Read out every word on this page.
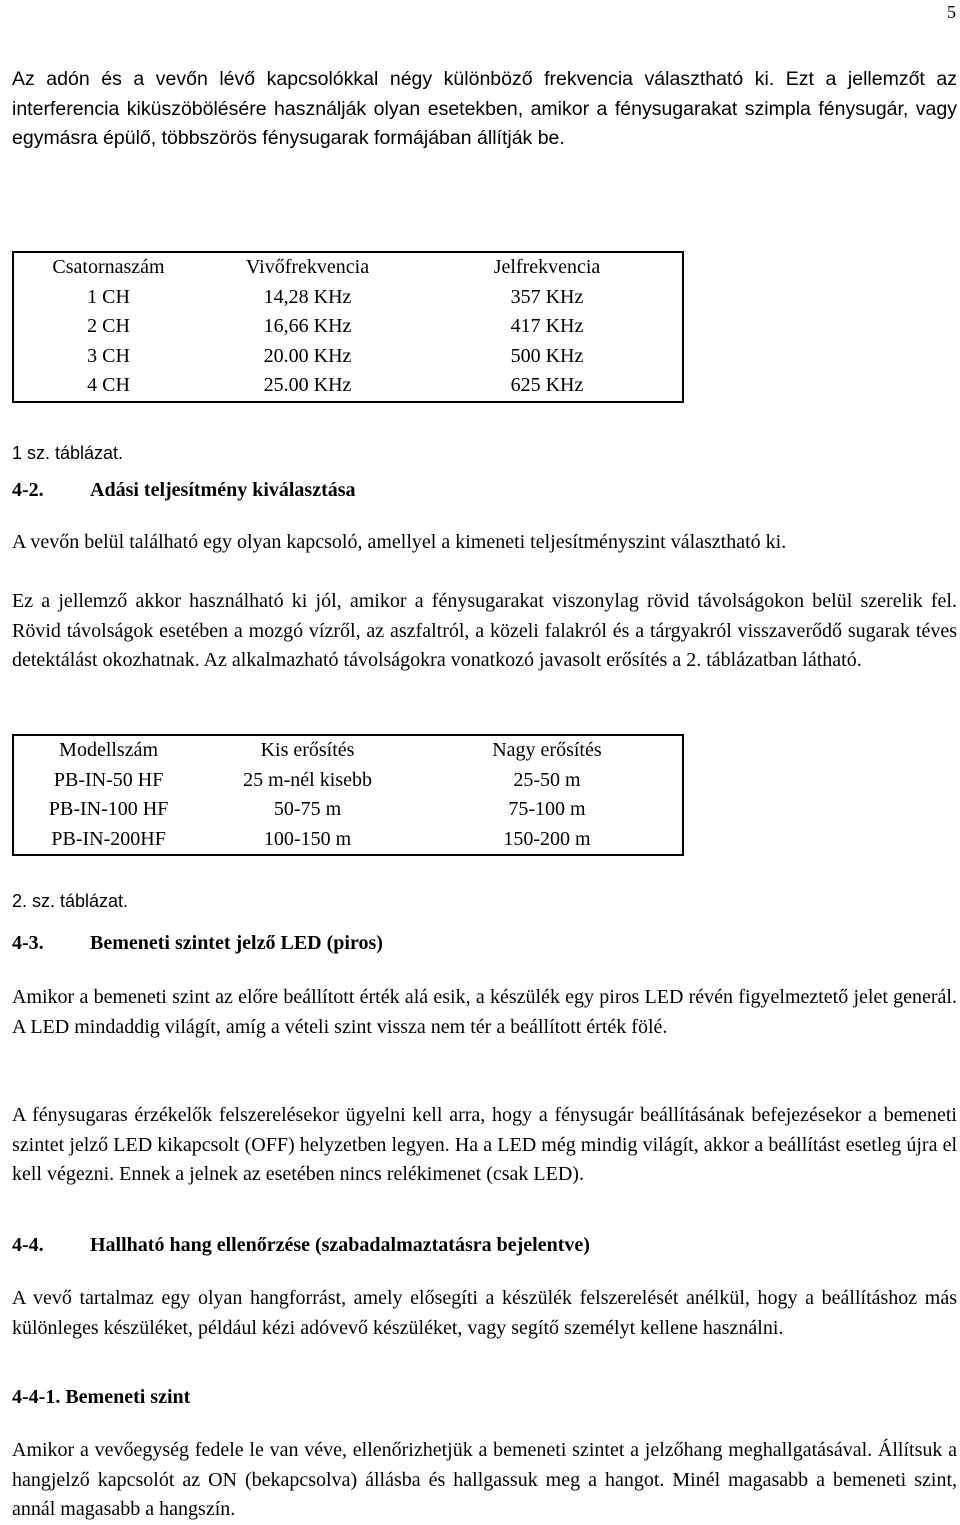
5
Az adón és a vevőn lévő kapcsolókkal négy különböző frekvencia választható ki. Ezt a jellemzőt az interferencia kiküszöbölésére használják olyan esetekben, amikor a fénysugarakat szimpla fénysugár, vagy egymásra épülő, többszörös fénysugarak formájában állítják be.
Csatornaszám	Vivőfrekvencia	Jelfrekvencia
1 CH	14,28 KHz	357 KHz
2 CH	16,66 KHz	417 KHz
3 CH	20.00 KHz	500 KHz
4 CH	25.00 KHz	625 KHz
1 sz. táblázat.
4-2. Adási teljesítmény kiválasztása
A vevőn belül található egy olyan kapcsoló, amellyel a kimeneti teljesítményszint választható ki.
Ez a jellemző akkor használható ki jól, amikor a fénysugarakat viszonylag rövid távolságokon belül szerelik fel. Rövid távolságok esetében a mozgó vízről, az aszfaltról, a közeli falakról és a tárgyakról visszaverődő sugarak téves detektálást okozhatnak. Az alkalmazható távolságokra vonatkozó javasolt erősítés a 2. táblázatban látható.
Modellszám	Kis erősítés	Nagy erősítés
PB-IN-50 HF	25 m-nél kisebb	25-50 m
PB-IN-100 HF	50-75 m	75-100 m
PB-IN-200HF	100-150 m	150-200 m
2. sz. táblázat.
4-3. Bemeneti szintet jelző LED (piros)
Amikor a bemeneti szint az előre beállított érték alá esik, a készülék egy piros LED révén figyelmeztető jelet generál. A LED mindaddig világít, amíg a vételi szint vissza nem tér a beállított érték fölé.
A fénysugaras érzékelők felszerelésekor ügyelni kell arra, hogy a fénysugár beállításának befejezésekor a bemeneti szintet jelző LED kikapcsolt (OFF) helyzetben legyen. Ha a LED még mindig világít, akkor a beállítást esetleg újra el kell végezni. Ennek a jelnek az esetében nincs relékimenet (csak LED).
4-4. Hallható hang ellenőrzése (szabadalmaztatásra bejelentve)
A vevő tartalmaz egy olyan hangforrást, amely elősegíti a készülék felszerelését anélkül, hogy a beállításhoz más különleges készüléket, például kézi adóvevő készüléket, vagy segítő személyt kellene használni.
4-4-1. Bemeneti szint
Amikor a vevőegység fedele le van véve, ellenőrizhetjük a bemeneti szintet a jelzőhang meghallgatásával. Állítsuk a hangjelző kapcsolót az ON (bekapcsolva) állásba és hallgassuk meg a hangot. Minél magasabb a bemeneti szint, annál magasabb a hangszín.
